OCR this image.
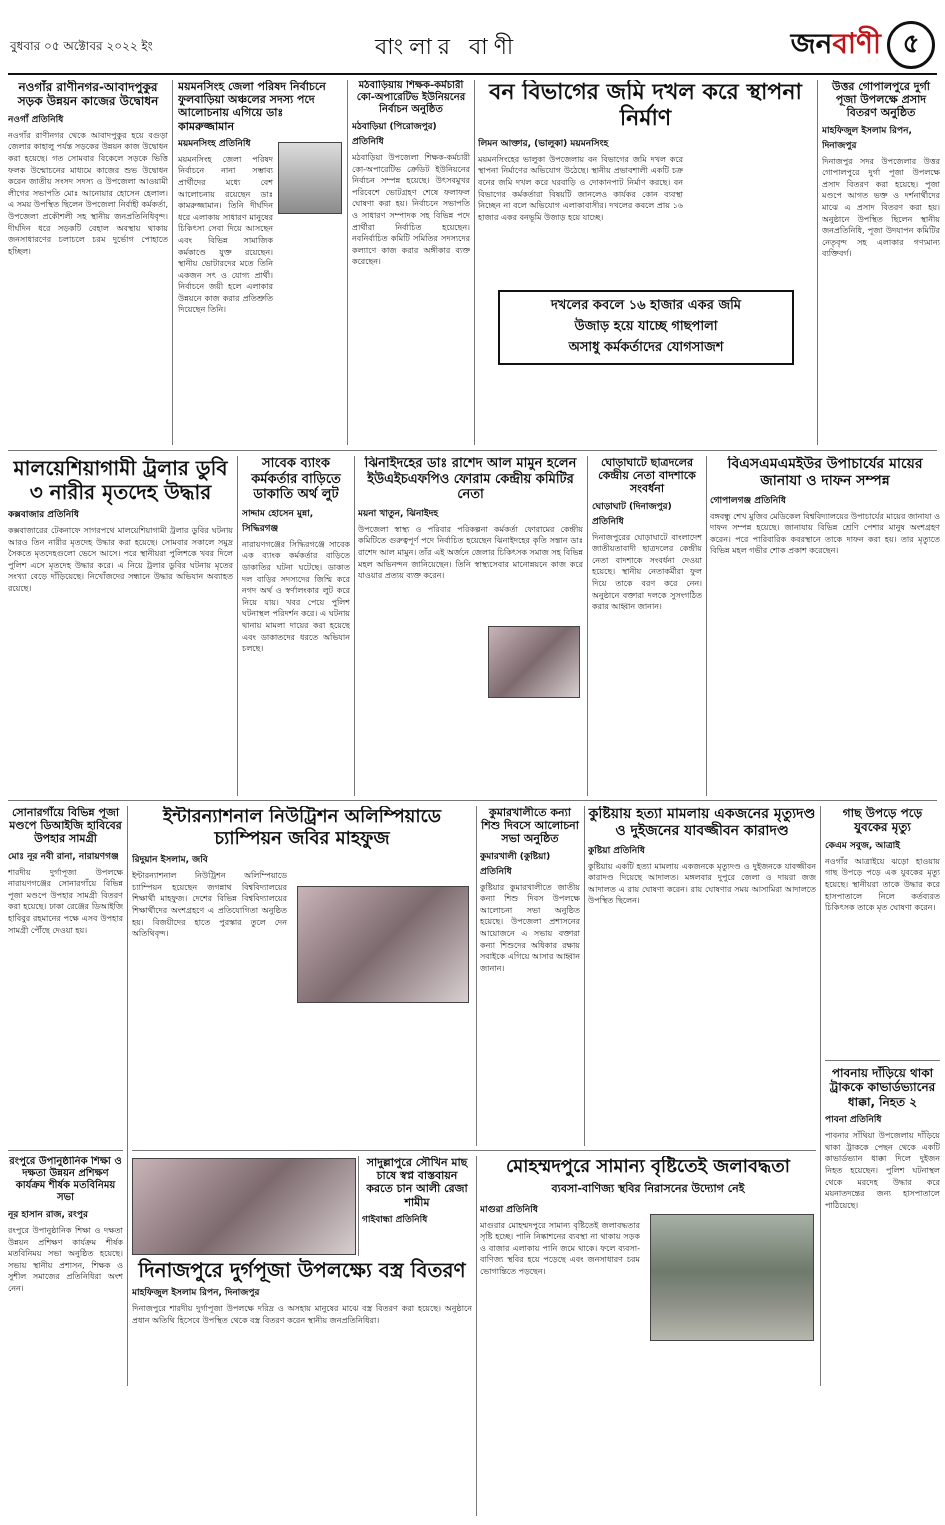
বুধবার ০৫ অক্টোবর ২০২২ ইং	বাংলার বাণী	জনবাণী ৫
নওগাঁর রাণীনগর-আবাদপুকুর সড়ক উন্নয়ন কাজের উদ্বোধন
নওগাঁ প্রতিনিধি
নওগাঁর রাণীনগর থেকে আবাদপুকুর হয়ে বগুড়া জেলার কাহালু পর্যন্ত সড়কের উন্নয়ন কাজ উদ্বোধন করা হয়েছে। গত সোমবার বিকেলে সড়কে ভিত্তি ফলক উন্মোচনের মাধ্যমে কাজের শুভ উদ্বোধন করেন জাতীয় সংসদ সদস্য ও উপজেলা আওয়ামী লীগের সভাপতি মোঃ আনোয়ার হোসেন হেলাল। এ সময় উপস্থিত ছিলেন উপজেলা নির্বাহী কর্মকর্তা, উপজেলা প্রকৌশলী সহ স্থানীয় জনপ্রতিনিধিবৃন্দ। দীর্ঘদিন ধরে সড়কটি বেহাল অবস্থায় থাকায় জনসাধারণের চলাচলে চরম দুর্ভোগ পোহাতে হচ্ছিল।
ময়মনসিংহ জেলা পরিষদ নির্বাচনে ফুলবাড়িয়া অঞ্চলের সদস্য পদে আলোচনায় এগিয়ে ডাঃ কামরুজ্জামান
ময়মনসিংহ প্রতিনিধি
ময়মনসিংহ জেলা পরিষদ নির্বাচনে নানা সম্ভাব্য প্রার্থীদের মধ্যে বেশ আলোচনায় রয়েছেন ডাঃ কামরুজ্জামান। তিনি দীর্ঘদিন ধরে এলাকায় সাধারণ মানুষের চিকিৎসা সেবা দিয়ে আসছেন এবং বিভিন্ন সামাজিক কর্মকাণ্ডে যুক্ত রয়েছেন। স্থানীয় ভোটারদের মতে তিনি একজন সৎ ও যোগ্য প্রার্থী। নির্বাচনে জয়ী হলে এলাকার উন্নয়নে কাজ করার প্রতিশ্রুতি দিয়েছেন তিনি।
মঠবাড়িয়ায় শিক্ষক-কর্মচারী কো-অপারেটিভ ইউনিয়নের নির্বাচন অনুষ্ঠিত
মঠবাড়িয়া (পিরোজপুর) প্রতিনিধি
মঠবাড়িয়া উপজেলা শিক্ষক-কর্মচারী কো-অপারেটিভ ক্রেডিট ইউনিয়নের নির্বাচন সম্পন্ন হয়েছে। উৎসবমুখর পরিবেশে ভোটগ্রহণ শেষে ফলাফল ঘোষণা করা হয়। নির্বাচনে সভাপতি ও সাধারণ সম্পাদক সহ বিভিন্ন পদে প্রার্থীরা নির্বাচিত হয়েছেন। নবনির্বাচিত কমিটি সমিতির সদস্যদের কল্যাণে কাজ করার অঙ্গীকার ব্যক্ত করেছেন।
বন বিভাগের জমি দখল করে স্থাপনা নির্মাণ
লিমন আক্তার, (ভালুকা) ময়মনসিংহ
ময়মনসিংহের ভালুকা উপজেলায় বন বিভাগের জমি দখল করে স্থাপনা নির্মাণের অভিযোগ উঠেছে। স্থানীয় প্রভাবশালী একটি চক্র বনের জমি দখল করে ঘরবাড়ি ও দোকানপাট নির্মাণ করছে। বন বিভাগের কর্মকর্তারা বিষয়টি জানলেও কার্যকর কোন ব্যবস্থা নিচ্ছেন না বলে অভিযোগ এলাকাবাসীর। দখলের কবলে প্রায় ১৬ হাজার একর বনভূমি উজাড় হয়ে যাচ্ছে।
দখলের কবলে ১৬ হাজার একর জমি
উজাড় হয়ে যাচ্ছে গাছপালা
অসাধু কর্মকর্তাদের যোগসাজশ
উত্তর গোপালপুরে দুর্গা পূজা উপলক্ষে প্রসাদ বিতরণ অনুষ্ঠিত
মাহফিজুল ইসলাম রিপন, দিনাজপুর
দিনাজপুর সদর উপজেলার উত্তর গোপালপুরে দুর্গা পূজা উপলক্ষে প্রসাদ বিতরণ করা হয়েছে। পূজা মণ্ডপে আগত ভক্ত ও দর্শনার্থীদের মাঝে এ প্রসাদ বিতরণ করা হয়। অনুষ্ঠানে উপস্থিত ছিলেন স্থানীয় জনপ্রতিনিধি, পূজা উদযাপন কমিটির নেতৃবৃন্দ সহ এলাকার গণ্যমান্য ব্যক্তিবর্গ।
মালয়েশিয়াগামী ট্রলার ডুবি ৩ নারীর মৃতদেহ উদ্ধার
কক্সবাজার প্রতিনিধি
কক্সবাজারের টেকনাফে সাগরপথে মালয়েশিয়াগামী ট্রলার ডুবির ঘটনায় আরও তিন নারীর মৃতদেহ উদ্ধার করা হয়েছে। সোমবার সকালে সমুদ্র সৈকতে মৃতদেহগুলো ভেসে আসে। পরে স্থানীয়রা পুলিশকে খবর দিলে পুলিশ এসে মৃতদেহ উদ্ধার করে। এ নিয়ে ট্রলার ডুবির ঘটনায় মৃতের সংখ্যা বেড়ে দাঁড়িয়েছে। নিখোঁজদের সন্ধানে উদ্ধার অভিযান অব্যাহত রয়েছে।
সাবেক ব্যাংক কর্মকর্তার বাড়িতে ডাকাতি অর্থ লুট
সাদ্দাম হোসেন মুন্না, সিদ্ধিরগঞ্জ
নারায়ণগঞ্জের সিদ্ধিরগঞ্জে সাবেক এক ব্যাংক কর্মকর্তার বাড়িতে ডাকাতির ঘটনা ঘটেছে। ডাকাত দল বাড়ির সদস্যদের জিম্মি করে নগদ অর্থ ও স্বর্ণালংকার লুট করে নিয়ে যায়। খবর পেয়ে পুলিশ ঘটনাস্থল পরিদর্শন করে। এ ঘটনায় থানায় মামলা দায়ের করা হয়েছে এবং ডাকাতদের ধরতে অভিযান চলছে।
ঝিনাইদহের ডাঃ রাশেদ আল মামুন হলেন ইউএইচএফপিও ফোরাম কেন্দ্রীয় কমিটির নেতা
ময়না খাতুন, ঝিনাইদহ
উপজেলা স্বাস্থ্য ও পরিবার পরিকল্পনা কর্মকর্তা ফোরামের কেন্দ্রীয় কমিটিতে গুরুত্বপূর্ণ পদে নির্বাচিত হয়েছেন ঝিনাইদহের কৃতি সন্তান ডাঃ রাশেদ আল মামুন। তাঁর এই অর্জনে জেলার চিকিৎসক সমাজ সহ বিভিন্ন মহল অভিনন্দন জানিয়েছেন। তিনি স্বাস্থ্যসেবার মানোন্নয়নে কাজ করে যাওয়ার প্রত্যয় ব্যক্ত করেন।
ঘোড়াঘাটে ছাত্রদলের কেন্দ্রীয় নেতা বাদশাকে সংবর্ধনা
ঘোড়াঘাট (দিনাজপুর) প্রতিনিধি
দিনাজপুরের ঘোড়াঘাটে বাংলাদেশ জাতীয়তাবাদী ছাত্রদলের কেন্দ্রীয় নেতা বাদশাকে সংবর্ধনা দেওয়া হয়েছে। স্থানীয় নেতাকর্মীরা ফুল দিয়ে তাকে বরণ করে নেন। অনুষ্ঠানে বক্তারা দলকে সুসংগঠিত করার আহ্বান জানান।
বিএসএমএমইউর উপাচার্যের মায়ের জানাযা ও দাফন সম্পন্ন
গোপালগঞ্জ প্রতিনিধি
বঙ্গবন্ধু শেখ মুজিব মেডিকেল বিশ্ববিদ্যালয়ের উপাচার্যের মায়ের জানাযা ও দাফন সম্পন্ন হয়েছে। জানাযায় বিভিন্ন শ্রেণি পেশার মানুষ অংশগ্রহণ করেন। পরে পারিবারিক কবরস্থানে তাকে দাফন করা হয়। তার মৃত্যুতে বিভিন্ন মহল গভীর শোক প্রকাশ করেছেন।
সোনারগাঁয়ে বিভিন্ন পূজা মণ্ডপে ডিআইজি হাবিবের উপহার সামগ্রী
মোঃ নূর নবী রানা, নারায়ণগঞ্জ
শারদীয় দুর্গাপূজা উপলক্ষে নারায়ণগঞ্জের সোনারগাঁয়ে বিভিন্ন পূজা মণ্ডপে উপহার সামগ্রী বিতরণ করা হয়েছে। ঢাকা রেঞ্জের ডিআইজি হাবিবুর রহমানের পক্ষে এসব উপহার সামগ্রী পৌঁছে দেওয়া হয়।
ইন্টারন্যাশনাল নিউট্রিশন অলিম্পিয়াডে চ্যাম্পিয়ন জবির মাহফুজ
রিদুয়ান ইসলাম, জবি
ইন্টারন্যাশনাল নিউট্রিশন অলিম্পিয়াডে চ্যাম্পিয়ন হয়েছেন জগন্নাথ বিশ্ববিদ্যালয়ের শিক্ষার্থী মাহফুজ। দেশের বিভিন্ন বিশ্ববিদ্যালয়ের শিক্ষার্থীদের অংশগ্রহণে এ প্রতিযোগিতা অনুষ্ঠিত হয়। বিজয়ীদের হাতে পুরস্কার তুলে দেন অতিথিবৃন্দ।
কুমারখালীতে কন্যা শিশু দিবসে আলোচনা সভা অনুষ্ঠিত
কুমারখালী (কুষ্টিয়া) প্রতিনিধি
কুষ্টিয়ার কুমারখালীতে জাতীয় কন্যা শিশু দিবস উপলক্ষে আলোচনা সভা অনুষ্ঠিত হয়েছে। উপজেলা প্রশাসনের আয়োজনে এ সভায় বক্তারা কন্যা শিশুদের অধিকার রক্ষায় সবাইকে এগিয়ে আসার আহ্বান জানান।
কুষ্টিয়ায় হত্যা মামলায় একজনের মৃত্যুদণ্ড ও দুইজনের যাবজ্জীবন কারাদণ্ড
কুষ্টিয়া প্রতিনিধি
কুষ্টিয়ায় একটি হত্যা মামলায় একজনকে মৃত্যুদণ্ড ও দুইজনকে যাবজ্জীবন কারাদণ্ড দিয়েছে আদালত। মঙ্গলবার দুপুরে জেলা ও দায়রা জজ আদালত এ রায় ঘোষণা করেন। রায় ঘোষণার সময় আসামিরা আদালতে উপস্থিত ছিলেন।
গাছ উপড়ে পড়ে যুবকের মৃত্যু
কেএম সবুজ, আত্রাই
নওগাঁর আত্রাইয়ে ঝড়ো হাওয়ায় গাছ উপড়ে পড়ে এক যুবকের মৃত্যু হয়েছে। স্থানীয়রা তাকে উদ্ধার করে হাসপাতালে নিলে কর্তব্যরত চিকিৎসক তাকে মৃত ঘোষণা করেন।
পাবনায় দাঁড়িয়ে থাকা ট্রাককে কাভার্ডভ্যানের ধাক্কা, নিহত ২
পাবনা প্রতিনিধি
পাবনার সাঁথিয়া উপজেলায় দাঁড়িয়ে থাকা ট্রাককে পেছন থেকে একটি কাভার্ডভ্যান ধাক্কা দিলে দুইজন নিহত হয়েছেন। পুলিশ ঘটনাস্থল থেকে মরদেহ উদ্ধার করে ময়নাতদন্তের জন্য হাসপাতালে পাঠিয়েছে।
রংপুরে উপানুষ্ঠানিক শিক্ষা ও দক্ষতা উন্নয়ন প্রশিক্ষণ কার্যক্রম শীর্ষক মতবিনিময় সভা
নূর হাসান রাজ, রংপুর
রংপুরে উপানুষ্ঠানিক শিক্ষা ও দক্ষতা উন্নয়ন প্রশিক্ষণ কার্যক্রম শীর্ষক মতবিনিময় সভা অনুষ্ঠিত হয়েছে। সভায় স্থানীয় প্রশাসন, শিক্ষক ও সুশীল সমাজের প্রতিনিধিরা অংশ নেন।
দিনাজপুরে দুর্গপূজা উপলক্ষ্যে বস্ত্র বিতরণ
মাহফিজুল ইসলাম রিপন, দিনাজপুর
দিনাজপুরে শারদীয় দুর্গাপূজা উপলক্ষে দরিদ্র ও অসহায় মানুষের মাঝে বস্ত্র বিতরণ করা হয়েছে। অনুষ্ঠানে প্রধান অতিথি হিসেবে উপস্থিত থেকে বস্ত্র বিতরণ করেন স্থানীয় জনপ্রতিনিধিরা।
সাদুল্লাপুরে সৌখিন মাছ চাষে স্বপ্ন বাস্তবায়ন করতে চান আলী রেজা শামীম
গাইবান্ধা প্রতিনিধি
মোহম্মদপুরে সামান্য বৃষ্টিতেই জলাবদ্ধতা
ব্যবসা-বাণিজ্য স্থবির নিরাসনের উদ্যোগ নেই
মাগুরা প্রতিনিধি
মাগুরার মোহম্মদপুরে সামান্য বৃষ্টিতেই জলাবদ্ধতার সৃষ্টি হচ্ছে। পানি নিষ্কাশনের ব্যবস্থা না থাকায় সড়ক ও বাজার এলাকায় পানি জমে থাকে। ফলে ব্যবসা-বাণিজ্য স্থবির হয়ে পড়েছে এবং জনসাধারণ চরম ভোগান্তিতে পড়ছেন।
